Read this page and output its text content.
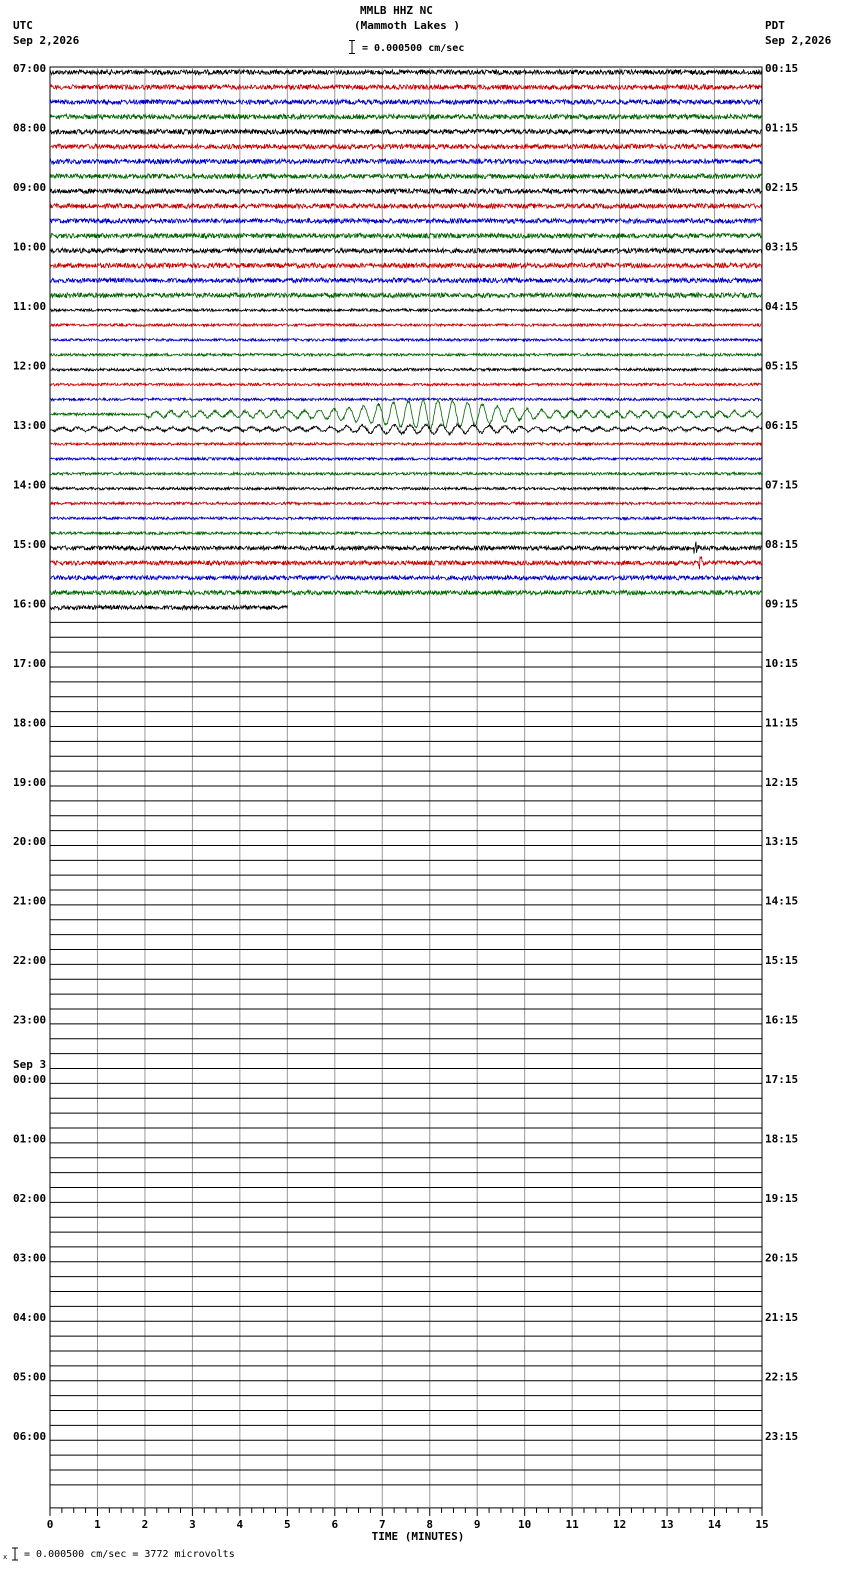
MMLB HHZ NC
(Mammoth Lakes )
= 0.000500 cm/sec
UTC
Sep 2,2026
PDT
Sep 2,2026
07:00	00:15
08:00	01:15
09:00	02:15
10:00	03:15
11:00	04:15
12:00	05:15
13:00	06:15
14:00	07:15
15:00	08:15
16:00	09:15
17:00	10:15
18:00	11:15
19:00	12:15
20:00	13:15
21:00	14:15
22:00	15:15
23:00	16:15
00:00	17:15
Sep 3
01:00	18:15
02:00	19:15
03:00	20:15
04:00	21:15
05:00	22:15
06:00	23:15
0	1	2	3	4	5	6	7	8	9	10	11	12	13	14	15
TIME (MINUTES)
x = 0.000500 cm/sec = 3772 microvolts
